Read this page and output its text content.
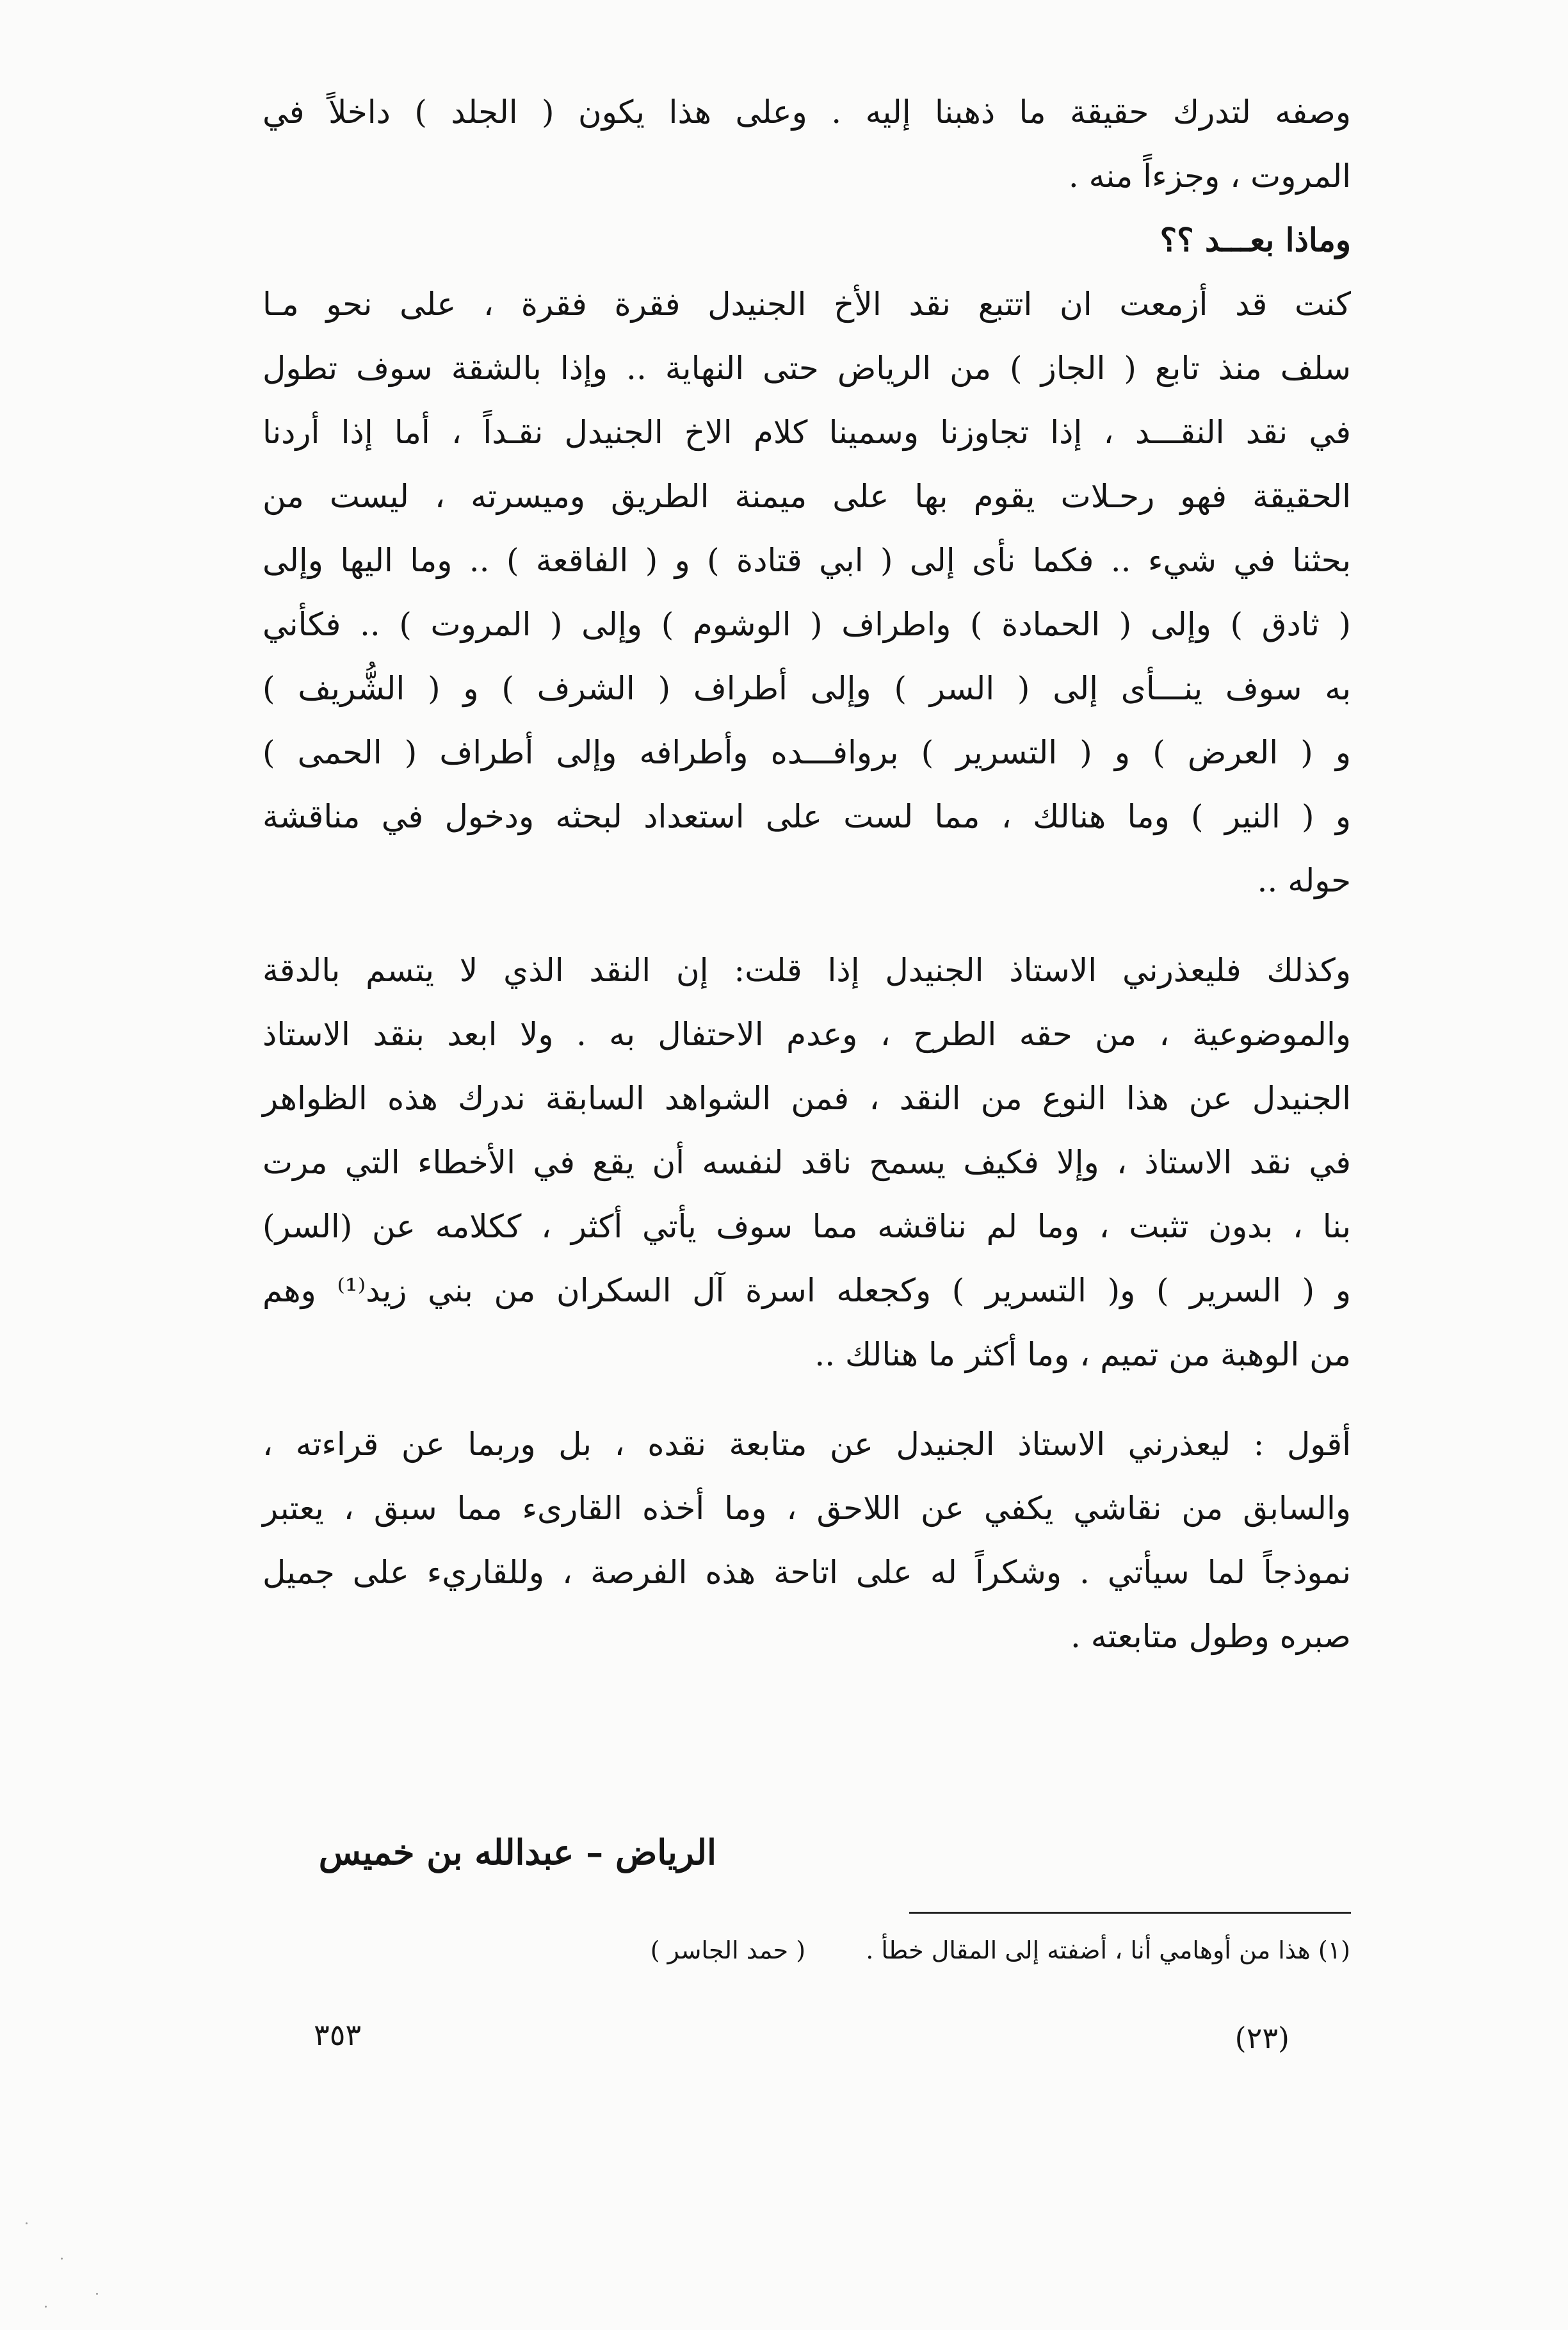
وصفه لتدرك حقيقة ما ذهبنا إليه . وعلى هذا يكون ( الجلد ) داخلاً في
المروت ، وجزءاً منه .
وماذا بعـــد ؟؟
كنت قد أزمعت ان اتتبع نقد الأخ الجنيدل فقرة فقرة ، على نحو مـا
سلف منذ تابع ( الجاز ) من الرياض حتى النهاية .. وإذا بالشقة سوف تطول
في نقد النقـــد ، إذا تجاوزنا وسمينا كلام الاخ الجنيدل نقـداً ، أما إذا أردنا
الحقيقة فهو رحـلات يقوم بها على ميمنة الطريق وميسرته ، ليست من
بحثنا في شيء .. فكما نأى إلى ( ابي قتادة ) و ( الفاقعة ) .. وما اليها وإلى
( ثادق ) وإلى ( الحمادة ) واطراف ( الوشوم ) وإلى ( المروت ) .. فكأني
به سوف ينـــأى إلى ( السر ) وإلى أطراف ( الشرف ) و ( الشُّريف )
و ( العرض ) و ( التسرير ) بروافـــده وأطرافه وإلى أطراف ( الحمى )
و ( النير ) وما هنالك ، مما لست على استعداد لبحثه ودخول في مناقشة
حوله ..
وكذلك فليعذرني الاستاذ الجنيدل إذا قلت: إن النقد الذي لا يتسم بالدقة
والموضوعية ، من حقه الطرح ، وعدم الاحتفال به . ولا ابعد بنقد الاستاذ
الجنيدل عن هذا النوع من النقد ، فمن الشواهد السابقة ندرك هذه الظواهر
في نقد الاستاذ ، وإلا فكيف يسمح ناقد لنفسه أن يقع في الأخطاء التي مرت
بنا ، بدون تثبت ، وما لم نناقشه مما سوف يأتي أكثر ، ككلامه عن (السر)
و ( السرير ) و( التسرير ) وكجعله اسرة آل السكران من بني زيد⁽¹⁾ وهم
من الوهبة من تميم ، وما أكثر ما هنالك ..
أقول : ليعذرني الاستاذ الجنيدل عن متابعة نقده ، بل وربما عن قراءته ،
والسابق من نقاشي يكفي عن اللاحق ، وما أخذه القارىء مما سبق ، يعتبر
نموذجاً لما سيأتي . وشكراً له على اتاحة هذه الفرصة ، وللقاريء على جميل
صبره وطول متابعته .
الرياض – عبدالله بن خميس
(١) هذا من أوهامي أنا ، أضفته إلى المقال خطأ .  ( حمد الجاسر )
(٢٣)
٣٥٣
